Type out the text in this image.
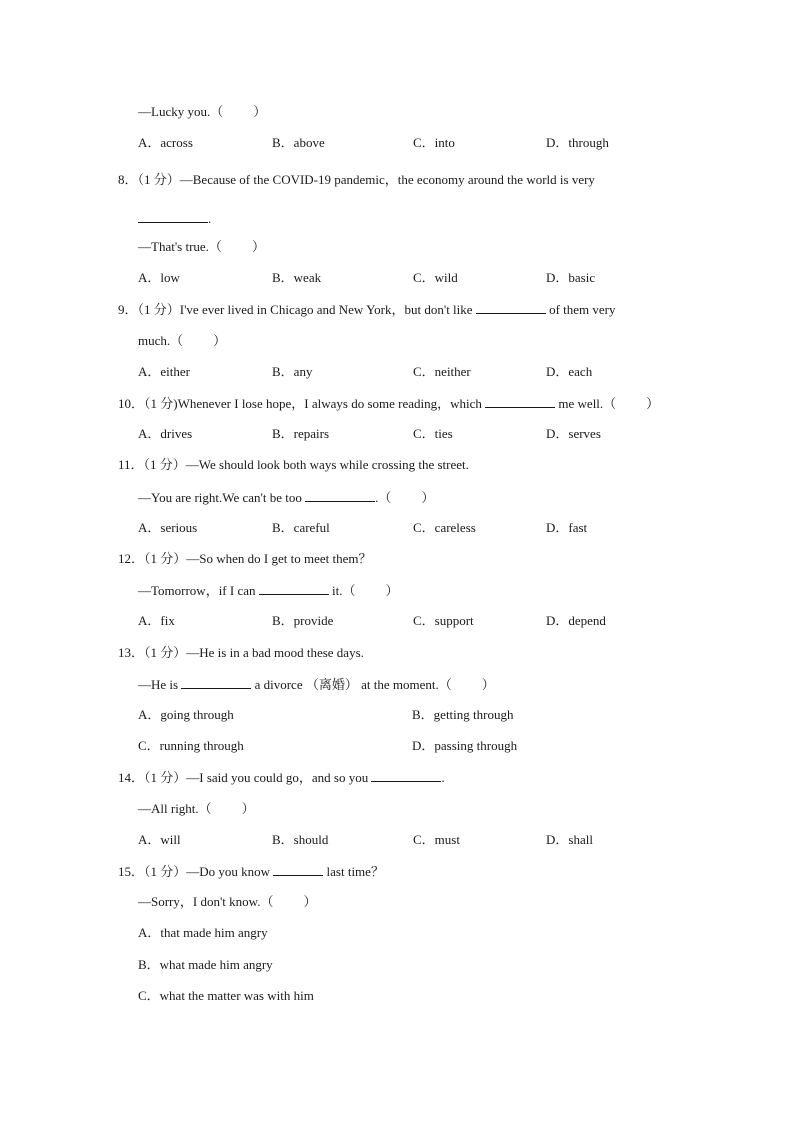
—Lucky you.（ ）
A．across	B．above	C．into	D．through
8．（1 分）—Because of the COVID-19 pandemic，the economy around the world is very
.
—That's true.（ ）
A．low	B．weak	C．wild	D．basic
9．（1 分）I've ever lived in Chicago and New York，but don't like	of them very
much.（ ）
A．either	B．any	C．neither	D．each
10．（1 分)Whenever I lose hope，I always do some reading，which	me well.（ ）
A．drives	B．repairs	C．ties	D．serves
11．（1 分）—We should look both ways while crossing the street.
—You are right.We can't be too	.（ ）
A．serious	B．careful	C．careless	D．fast
12．（1 分）—So when do I get to meet them？
—Tomorrow，if I can	it.（ ）
A．fix	B．provide	C．support	D．depend
13．（1 分）—He is in a bad mood these days.
—He is	a divorce （离婚） at the moment.（ ）
A．going through	B．getting through
C．running through	D．passing through
14．（1 分）—I said you could go，and so you	.
—All right.（ ）
A．will	B．should	C．must	D．shall
15．（1 分）—Do you know	last time？
—Sorry，I don't know.（ ）
A．that made him angry
B．what made him angry
C．what the matter was with him
